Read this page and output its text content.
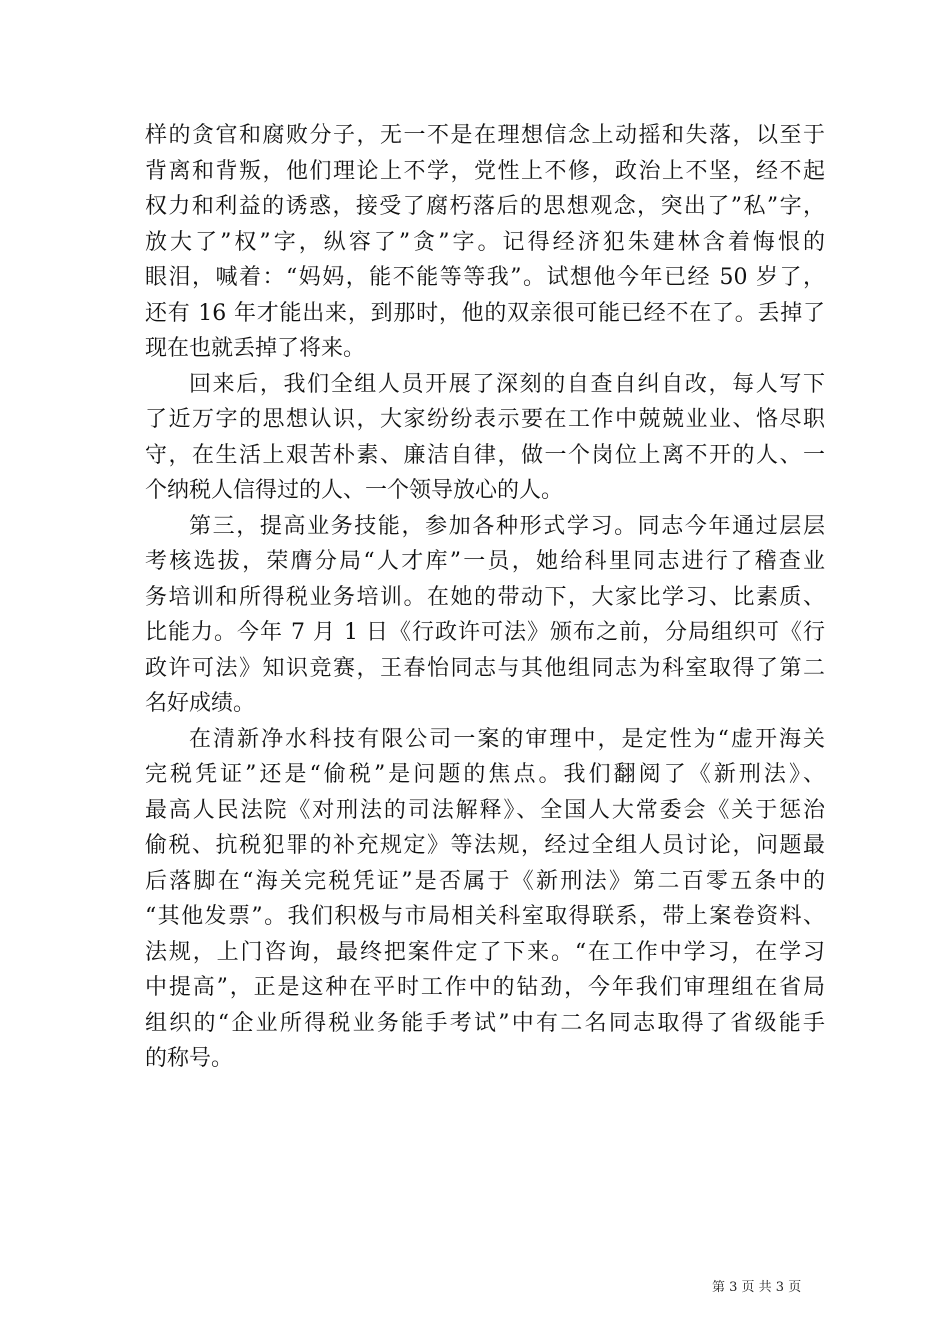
样的贪官和腐败分子，无一不是在理想信念上动摇和失落，以至于
背离和背叛，他们理论上不学，党性上不修，政治上不坚，经不起
权力和利益的诱惑，接受了腐朽落后的思想观念，突出了”私”字，
放大了”权”字，纵容了”贪”字。记得经济犯朱建林含着悔恨的
眼泪，喊着：“妈妈，能不能等等我”。试想他今年已经 50 岁了，
还有 16 年才能出来，到那时，他的双亲很可能已经不在了。丢掉了
现在也就丢掉了将来。
回来后，我们全组人员开展了深刻的自查自纠自改，每人写下
了近万字的思想认识，大家纷纷表示要在工作中兢兢业业、恪尽职
守，在生活上艰苦朴素、廉洁自律，做一个岗位上离不开的人、一
个纳税人信得过的人、一个领导放心的人。
第三，提高业务技能，参加各种形式学习。同志今年通过层层
考核选拔，荣膺分局“人才库”一员，她给科里同志进行了稽查业
务培训和所得税业务培训。在她的带动下，大家比学习、比素质、
比能力。今年 7 月 1 日《行政许可法》颁布之前，分局组织可《行
政许可法》知识竞赛，王春怡同志与其他组同志为科室取得了第二
名好成绩。
在清新净水科技有限公司一案的审理中，是定性为“虚开海关
完税凭证”还是“偷税”是问题的焦点。我们翻阅了《新刑法》、
最高人民法院《对刑法的司法解释》、全国人大常委会《关于惩治
偷税、抗税犯罪的补充规定》等法规，经过全组人员讨论，问题最
后落脚在“海关完税凭证”是否属于《新刑法》第二百零五条中的
“其他发票”。我们积极与市局相关科室取得联系，带上案卷资料、
法规，上门咨询，最终把案件定了下来。“在工作中学习，在学习
中提高”，正是这种在平时工作中的钻劲，今年我们审理组在省局
组织的“企业所得税业务能手考试”中有二名同志取得了省级能手
的称号。
第 3 页 共 3 页
